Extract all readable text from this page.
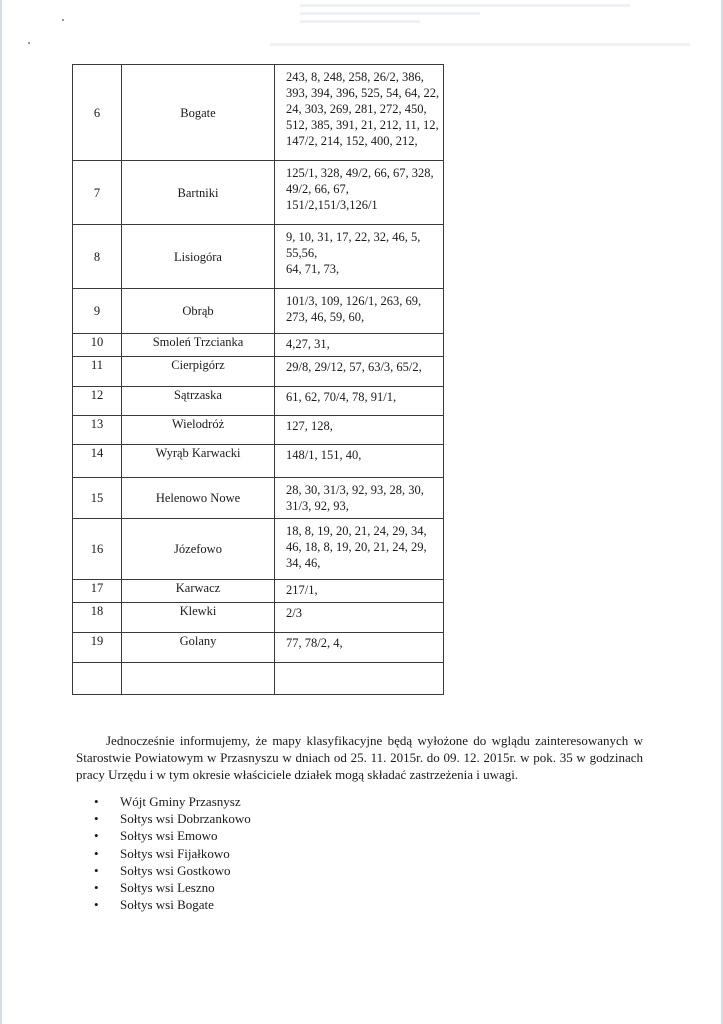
6	Bogate	243, 8, 248, 258, 26/2, 386,
393, 394, 396, 525, 54, 64, 22,
24, 303, 269, 281, 272, 450,
512, 385, 391, 21, 212, 11, 12,
147/2, 214, 152, 400, 212,

7	Bartniki	125/1, 328, 49/2, 66, 67, 328,
49/2, 66, 67,
151/2,151/3,126/1

8	Lisiogóra	9, 10, 31, 17, 22, 32, 46, 5,
55,56,
64, 71, 73,

9	Obrąb	101/3, 109, 126/1, 263, 69,
273, 46, 59, 60,

10	Smoleń Trzcianka	4,27, 31,

11	Cierpigórz	29/8, 29/12, 57, 63/3, 65/2,

12	Sątrzaska	61, 62, 70/4, 78, 91/1,

13	Wielodróż	127, 128,

14	Wyrąb Karwacki	148/1, 151, 40,

15	Helenowo Nowe	28, 30, 31/3, 92, 93, 28, 30,
31/3, 92, 93,

16	Józefowo	18, 8, 19, 20, 21, 24, 29, 34,
46, 18, 8, 19, 20, 21, 24, 29,
34, 46,

17	Karwacz	217/1,

18	Klewki	2/3

19	Golany	77, 78/2, 4,

Jednocześnie informujemy, że mapy klasyfikacyjne będą wyłożone do wglądu zainteresowanych w Starostwie Powiatowym w Przasnyszu w dniach od 25. 11. 2015r. do 09. 12. 2015r. w pok. 35 w godzinach pracy Urzędu i w tym okresie właściciele działek mogą składać zastrzeżenia i uwagi.
• Wójt Gminy Przasnysz
• Sołtys wsi Dobrzankowo
• Sołtys wsi Emowo
• Sołtys wsi Fijałkowo
• Sołtys wsi Gostkowo
• Sołtys wsi Leszno
• Sołtys wsi Bogate
